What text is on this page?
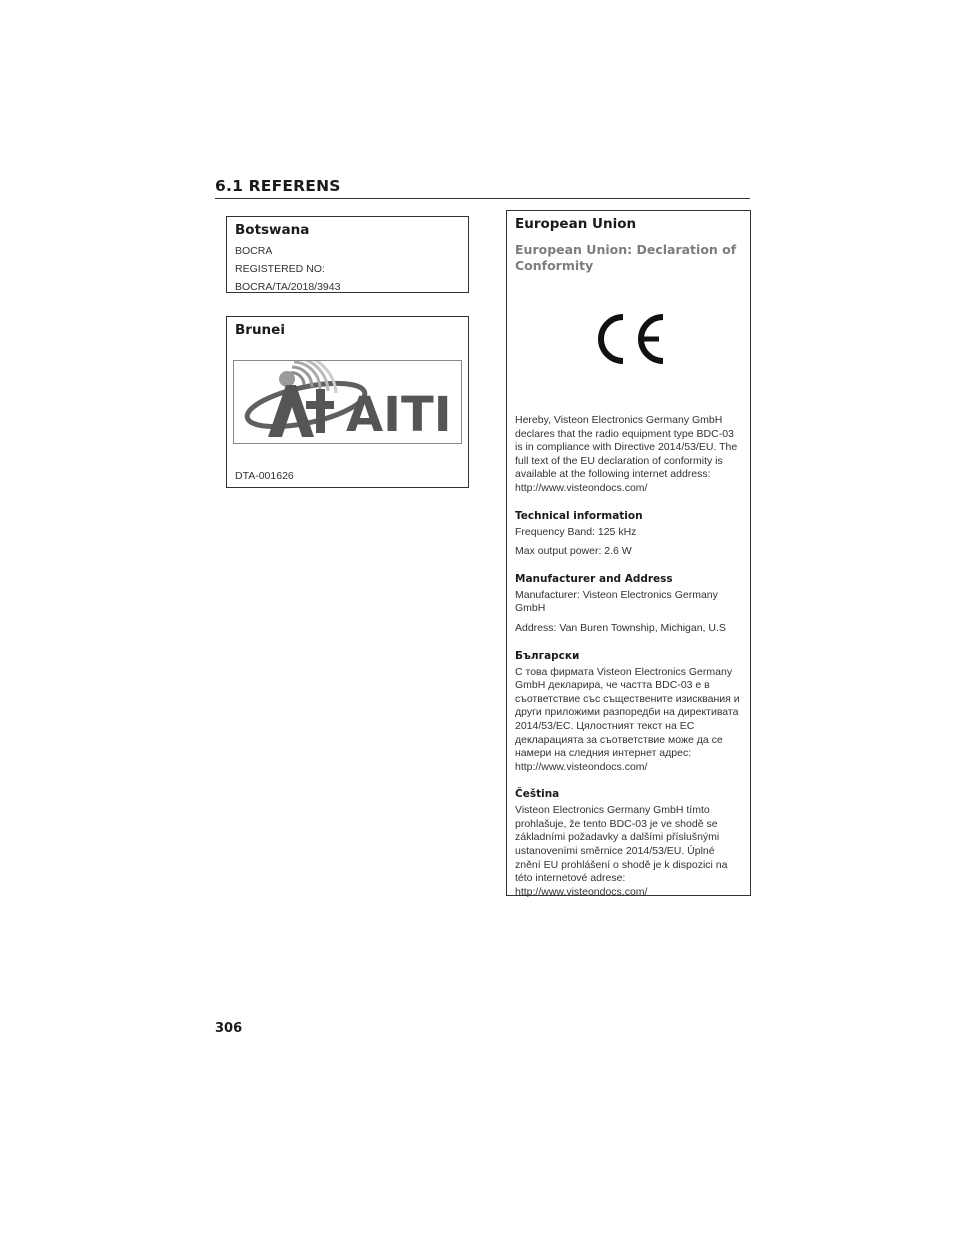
6.1 REFERENS
Botswana
BOCRA
REGISTERED NO:
BOCRA/TA/2018/3943
Brunei
AITI
DTA-001626
European Union
European Union: Declaration of Conformity

Hereby, Visteon Electronics Germany GmbH declares that the radio equipment type BDC-03 is in compliance with Directive 2014/53/EU. The full text of the EU declaration of conformity is available at the following internet address: http://www.visteondocs.com/

Technical information

Frequency Band: 125 kHz

Max output power: 2.6 W

Manufacturer and Address

Manufacturer: Visteon Electronics Germany GmbH

Address: Van Buren Township, Michigan, U.S

Български

С това фирмата Visteon Electronics Germany GmbH декларира, че частта BDC-03 е в съответствие със съществените изисквания и други приложими разпоредби на директивата 2014/53/EC. Цялостният текст на ЕС декларацията за съответствие може да се намери на следния интернет адрес: http://www.visteondocs.com/

Čeština

Visteon Electronics Germany GmbH tímto prohlašuje, že tento BDC-03 je ve shodě se základními požadavky a dalšími příslušnými ustanoveními směrnice 2014/53/EU. Úplné znění EU prohlášení o shodě je k dispozici na této internetové adrese: http://www.visteondocs.com/

306
